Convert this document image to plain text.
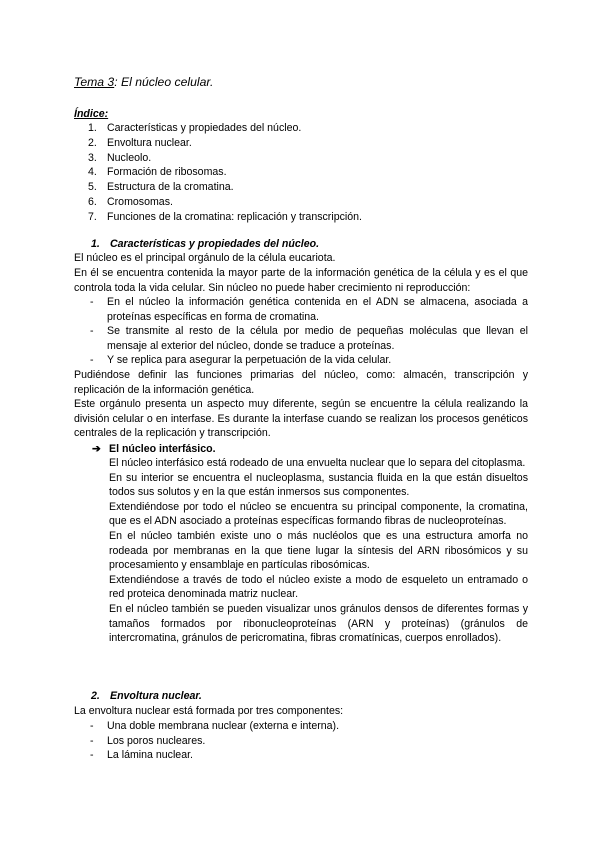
Tema 3: El núcleo celular.
Índice:
1. Características y propiedades del núcleo.
2. Envoltura nuclear.
3. Nucleolo.
4. Formación de ribosomas.
5. Estructura de la cromatina.
6. Cromosomas.
7. Funciones de la cromatina: replicación y transcripción.
1. Características y propiedades del núcleo.
El núcleo es el principal orgánulo de la célula eucariota.
En él se encuentra contenida la mayor parte de la información genética de la célula y es el que controla toda la vida celular. Sin núcleo no puede haber crecimiento ni reproducción:
-	En el núcleo la información genética contenida en el ADN se almacena, asociada a proteínas específicas en forma de cromatina.
-	Se transmite al resto de la célula por medio de pequeñas moléculas que llevan el mensaje al exterior del núcleo, donde se traduce a proteínas.
-	Y se replica para asegurar la perpetuación de la vida celular.
Pudiéndose definir las funciones primarias del núcleo, como: almacén, transcripción y replicación de la información genética.
Este orgánulo presenta un aspecto muy diferente, según se encuentre la célula realizando la división celular o en interfase. Es durante la interfase cuando se realizan los procesos genéticos centrales de la replicación y transcripción.
➔ El núcleo interfásico.

El núcleo interfásico está rodeado de una envuelta nuclear que lo separa del citoplasma.

En su interior se encuentra el nucleoplasma, sustancia fluida en la que están disueltos todos sus solutos y en la que están inmersos sus componentes.

Extendiéndose por todo el núcleo se encuentra su principal componente, la cromatina, que es el ADN asociado a proteínas específicas formando fibras de nucleoproteínas.

En el núcleo también existe uno o más nucléolos que es una estructura amorfa no rodeada por membranas en la que tiene lugar la síntesis del ARN ribosómicos y su procesamiento y ensamblaje en partículas ribosómicas.

Extendiéndose a través de todo el núcleo existe a modo de esqueleto un entramado o red proteica denominada matriz nuclear.

En el núcleo también se pueden visualizar unos gránulos densos de diferentes formas y tamaños formados por ribonucleoproteínas (ARN y proteínas) (gránulos de intercromatina, gránulos de pericromatina, fibras cromatínicas, cuerpos enrollados).

2. Envoltura nuclear.
La envoltura nuclear está formada por tres componentes:
-	Una doble membrana nuclear (externa e interna).
-	Los poros nucleares.
-	La lámina nuclear.
